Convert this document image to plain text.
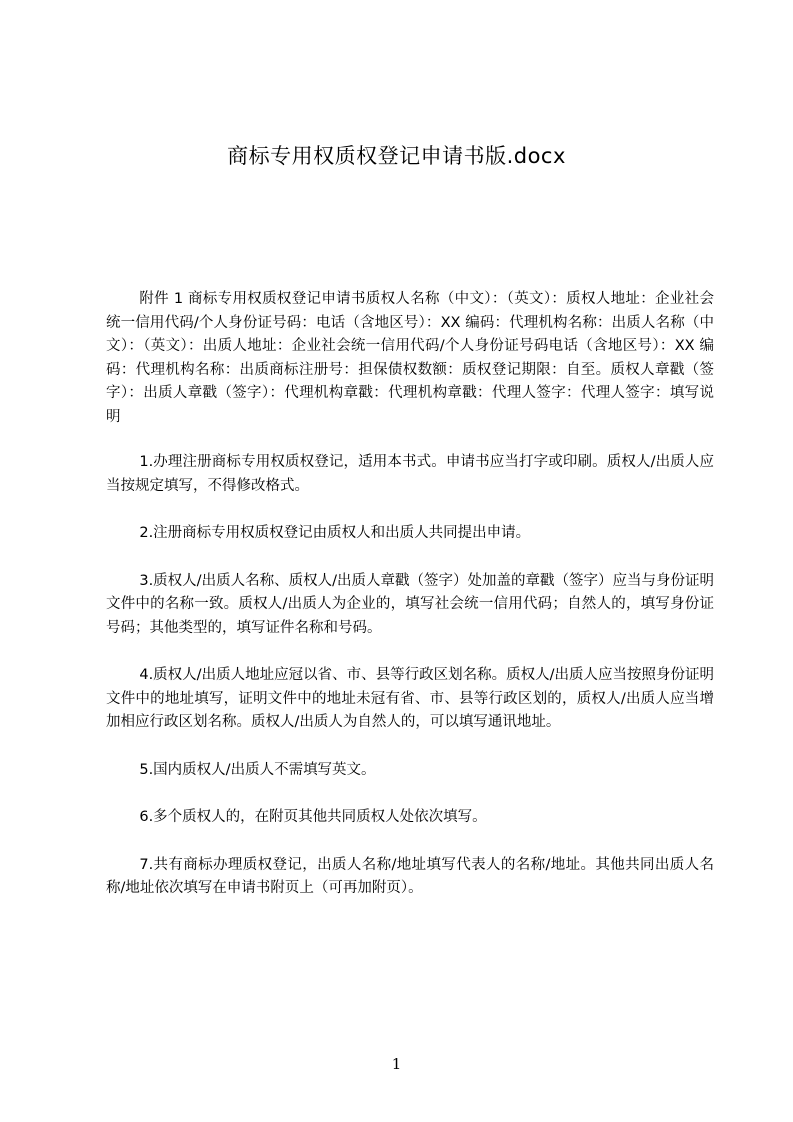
商标专用权质权登记申请书版.docx

附件 1 商标专用权质权登记申请书质权人名称（中文）：（英文）：质权人地址：企业社会统一信用代码/个人身份证号码：电话（含地区号）：XX 编码：代理机构名称：出质人名称（中文）：（英文）：出质人地址：企业社会统一信用代码/个人身份证号码电话（含地区号）：XX 编码：代理机构名称：出质商标注册号：担保债权数额：质权登记期限：自至。质权人章戳（签字）：出质人章戳（签字）：代理机构章戳：代理机构章戳：代理人签字：代理人签字：填写说明

1.办理注册商标专用权质权登记，适用本书式。申请书应当打字或印刷。质权人/出质人应当按规定填写，不得修改格式。

2.注册商标专用权质权登记由质权人和出质人共同提出申请。

3.质权人/出质人名称、质权人/出质人章戳（签字）处加盖的章戳（签字）应当与身份证明文件中的名称一致。质权人/出质人为企业的，填写社会统一信用代码；自然人的，填写身份证号码；其他类型的，填写证件名称和号码。

4.质权人/出质人地址应冠以省、市、县等行政区划名称。质权人/出质人应当按照身份证明文件中的地址填写，证明文件中的地址未冠有省、市、县等行政区划的，质权人/出质人应当增加相应行政区划名称。质权人/出质人为自然人的，可以填写通讯地址。

5.国内质权人/出质人不需填写英文。

6.多个质权人的，在附页其他共同质权人处依次填写。

7.共有商标办理质权登记，出质人名称/地址填写代表人的名称/地址。其他共同出质人名称/地址依次填写在申请书附页上（可再加附页）。

1
